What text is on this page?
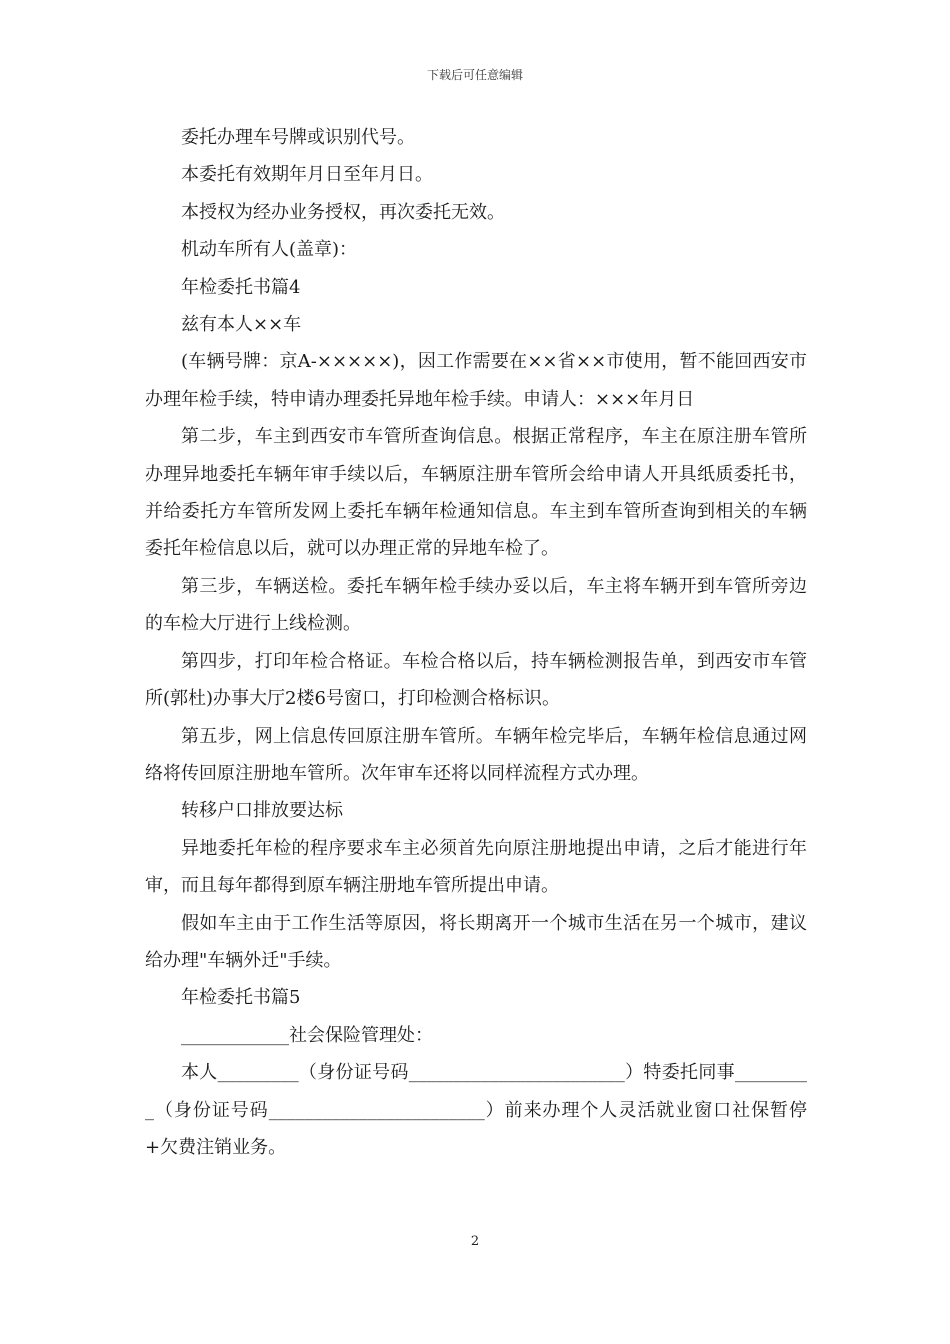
下载后可任意编辑

委托办理车号牌或识别代号。

本委托有效期年月日至年月日。

本授权为经办业务授权，再次委托无效。

机动车所有人(盖章)：

年检委托书篇4

兹有本人××车

(车辆号牌：京A-×××××)，因工作需要在××省××市使用，暂不能回西安市办理年检手续，特申请办理委托异地年检手续。申请人：×××年月日

第二步，车主到西安市车管所查询信息。根据正常程序，车主在原注册车管所办理异地委托车辆年审手续以后，车辆原注册车管所会给申请人开具纸质委托书，并给委托方车管所发网上委托车辆年检通知信息。车主到车管所查询到相关的车辆委托年检信息以后，就可以办理正常的异地车检了。

第三步，车辆送检。委托车辆年检手续办妥以后，车主将车辆开到车管所旁边的车检大厅进行上线检测。

第四步，打印年检合格证。车检合格以后，持车辆检测报告单，到西安市车管所(郭杜)办事大厅2楼6号窗口，打印检测合格标识。

第五步，网上信息传回原注册车管所。车辆年检完毕后，车辆年检信息通过网络将传回原注册地车管所。次年审车还将以同样流程方式办理。

转移户口排放要达标

异地委托年检的程序要求车主必须首先向原注册地提出申请，之后才能进行年审，而且每年都得到原车辆注册地车管所提出申请。

假如车主由于工作生活等原因，将长期离开一个城市生活在另一个城市，建议给办理"车辆外迁"手续。

年检委托书篇5

____________社会保险管理处：

本人_________（身份证号码________________________）特委托同事_________（身份证号码________________________）前来办理个人灵活就业窗口社保暂停+欠费注销业务。

2
